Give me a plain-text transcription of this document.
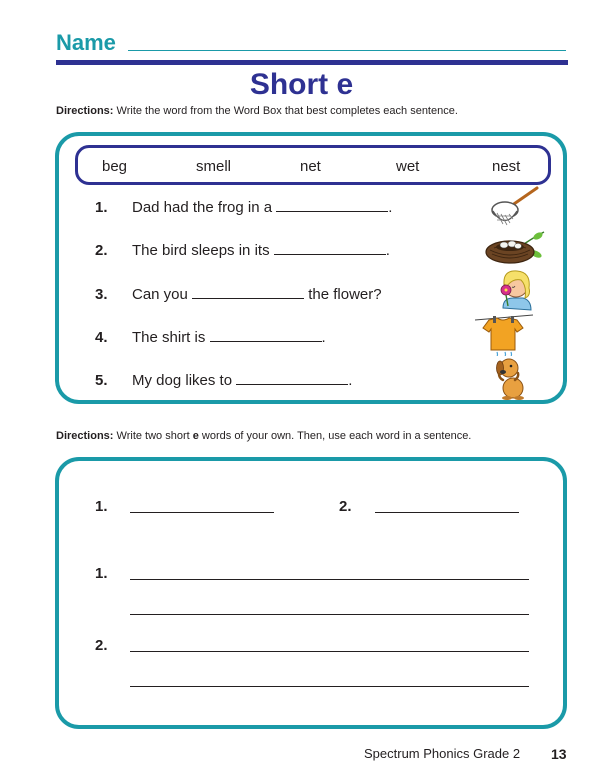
Name
Short e
Directions: Write the word from the Word Box that best completes each sentence.
beg	smell	net	wet	nest
1. Dad had the frog in a	.
2. The bird sleeps in its	.
3. Can you	the flower?
4. The shirt is	.
5. My dog likes to	.
Directions: Write two short e words of your own. Then, use each word in a sentence.
1.	2.
1.
2.
Spectrum Phonics Grade 2 13
